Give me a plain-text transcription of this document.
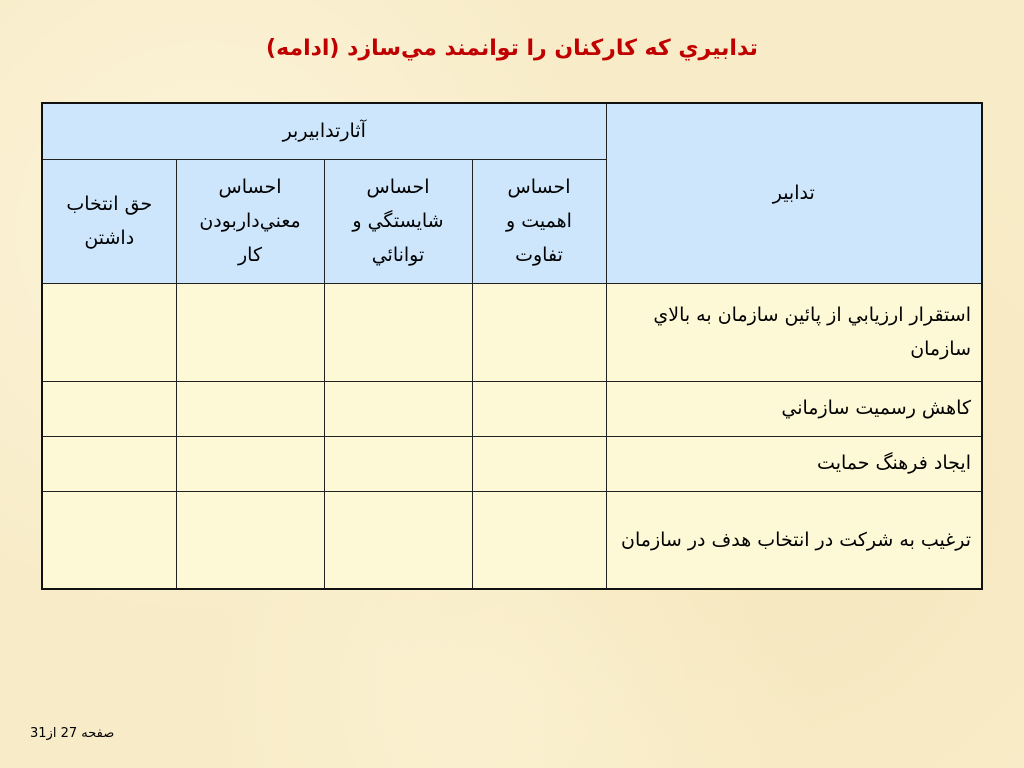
تدابيري كه كاركنان را توانمند مي‌سازد (ادامه)
تدابير	آثارتدابيربر			
	احساس اهميت و تفاوت	احساس شايستگي و توانائي	احساس معني‌داربودن كار	حق انتخاب داشتن
استقرار ارزيابي از پائين سازمان به بالاي سازمان				
كاهش رسميت سازماني				
ايجاد فرهنگ حمايت				
ترغيب به شركت در انتخاب هدف در سازمان				
صفحه 27 از31
